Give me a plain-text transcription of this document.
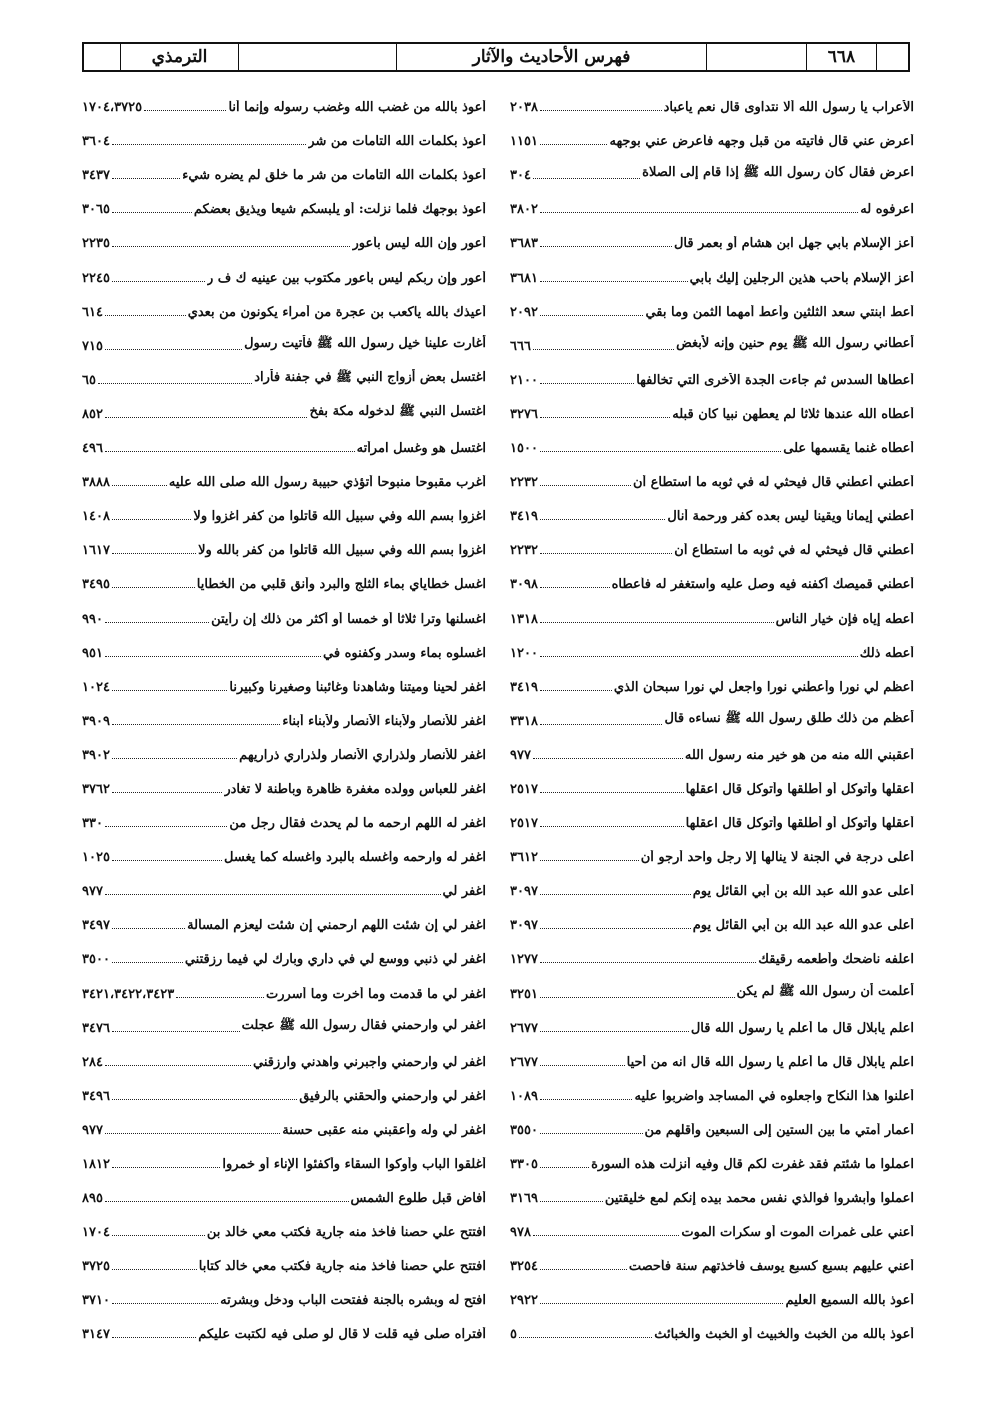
٦٦٨
فهرس الأحاديث والآثار
الترمذي
الأعراب يا رسول الله ألا نتداوى قال نعم ياعباد
٢٠٣٨
أعرض عني قال فأتيته من قبل وجهه فأعرض عني بوجهه
١١٥١
اعرض فقال كان رسول الله ﷺ إذا قام إلى الصلاة
٣٠٤
اعرفوه له
٣٨٠٢
أعز الإسلام بأبي جهل ابن هشام أو بعمر قال
٣٦٨٣
أعز الإسلام بأحب هذين الرجلين إليك بأبي
٣٦٨١
أعط ابنتي سعد الثلثين وأعط أمهما الثمن وما بقي
٢٠٩٢
أعطاني رسول الله ﷺ يوم حنين وإنه لأبغض
٦٦٦
أعطاها السدس ثم جاءت الجدة الأخرى التي تخالفها
٢١٠٠
أعطاه الله عندها ثلاثا لم يعطهن نبيا كان قبله
٣٢٧٦
أعطاه غنما يقسمها على
١٥٠٠
أعطني أعطني قال فيحثي له في ثوبه ما استطاع أن
٢٢٣٢
أعطني إيمانا ويقينا ليس بعده كفر ورحمة أنال
٣٤١٩
أعطني قال فيحثي له في ثوبه ما استطاع أن
٢٢٣٢
أعطني قميصك أكفنه فيه وصل عليه واستغفر له فأعطاه
٣٠٩٨
أعطه إياه فإن خيار الناس
١٣١٨
أعطه ذلك
١٢٠٠
أعظم لي نورا وأعطني نورا واجعل لي نورا سبحان الذي
٣٤١٩
أعظم من ذلك طلق رسول الله ﷺ نساءه قال
٣٣١٨
أعقبني الله منه من هو خير منه رسول الله
٩٧٧
أعقلها وأتوكل أو أطلقها وأتوكل قال اعقلها
٢٥١٧
أعقلها وأتوكل أو أطلقها وأتوكل قال اعقلها
٢٥١٧
أعلى درجة في الجنة لا ينالها إلا رجل واحد أرجو أن
٣٦١٢
أعلى عدو الله عبد الله بن أبي القائل يوم
٣٠٩٧
أعلى عدو الله عبد الله بن أبي القائل يوم
٣٠٩٧
اعلفه ناضحك وأطعمه رقيقك
١٢٧٧
أعلمت أن رسول الله ﷺ لم يكن
٣٢٥١
اعلم يابلال قال ما أعلم يا رسول الله قال
٢٦٧٧
اعلم يابلال قال ما أعلم يا رسول الله قال انه من أحيا
٢٦٧٧
أعلنوا هذا النكاح واجعلوه في المساجد واضربوا عليه
١٠٨٩
أعمار أمتي ما بين الستين إلى السبعين وأقلهم من
٣٥٥٠
اعملوا ما شئتم فقد غفرت لكم قال وفيه أنزلت هذه السورة
٣٣٠٥
اعملوا وأبشروا فوالذي نفس محمد بيده إنكم لمع خليقتين
٣١٦٩
أعني على غمرات الموت أو سكرات الموت
٩٧٨
أعني عليهم بسبع كسبع يوسف فأخذتهم سنة فأحصت
٣٢٥٤
أعوذ بالله السميع العليم
٢٩٢٢
أعوذ بالله من الخبث والخبيث أو الخبث والخبائث
٥
أعوذ بالله من غضب الله وغضب رسوله وإنما أنا
١٧٠٤،٣٧٢٥
أعوذ بكلمات الله التامات من شر
٣٦٠٤
أعوذ بكلمات الله التامات من شر ما خلق لم يضره شيء
٣٤٣٧
أعوذ بوجهك فلما نزلت: أو يلبسكم شيعا ويذيق بعضكم
٣٠٦٥
أعور وإن الله ليس بأعور
٢٢٣٥
أعور وإن ربكم ليس بأعور مكتوب بين عينيه ك ف ر
٢٢٤٥
أعيذك بالله ياكعب بن عجرة من أمراء يكونون من بعدي
٦١٤
أغارت علينا خيل رسول الله ﷺ فأتيت رسول
٧١٥
اغتسل بعض أزواج النبي ﷺ في جفنة فأراد
٦٥
اغتسل النبي ﷺ لدخوله مكة بفخ
٨٥٢
اغتسل هو وغسل امرأته
٤٩٦
أغرب مقبوحا منبوحا أتؤذي حبيبة رسول الله صلى الله عليه
٣٨٨٨
اغزوا بسم الله وفي سبيل الله قاتلوا من كفر اغزوا ولا
١٤٠٨
اغزوا بسم الله وفي سبيل الله قاتلوا من كفر بالله ولا
١٦١٧
اغسل خطاياي بماء الثلج والبرد وأنق قلبي من الخطايا
٣٤٩٥
اغسلنها وترا ثلاثا أو خمسا أو أكثر من ذلك إن رأيتن
٩٩٠
اغسلوه بماء وسدر وكفنوه في
٩٥١
اغفر لحينا وميتنا وشاهدنا وغائبنا وصغيرنا وكبيرنا
١٠٢٤
اغفر للأنصار ولأبناء الأنصار ولأبناء أبناء
٣٩٠٩
اغفر للأنصار ولذراري الأنصار ولذراري ذراريهم
٣٩٠٢
اغفر للعباس وولده مغفرة ظاهرة وباطنة لا تغادر
٣٧٦٢
اغفر له اللهم ارحمه ما لم يحدث فقال رجل من
٣٣٠
اغفر له وارحمه واغسله بالبرد واغسله كما يغسل
١٠٢٥
اغفر لي
٩٧٧
اغفر لي إن شئت اللهم ارحمني إن شئت ليعزم المسألة
٣٤٩٧
اغفر لي ذنبي ووسع لي في داري وبارك لي فيما رزقتني
٣٥٠٠
اغفر لي ما قدمت وما أخرت وما أسررت
٣٤٢١،٣٤٢٢،٣٤٢٣
اغفر لي وارحمني فقال رسول الله ﷺ عجلت
٣٤٧٦
اغفر لي وارحمني واجبرني واهدني وارزقني
٢٨٤
اغفر لي وارحمني وألحقني بالرفيق
٣٤٩٦
اغفر لي وله وأعقبني منه عقبى حسنة
٩٧٧
أغلقوا الباب وأوكوا السقاء وأكفئوا الإناء أو خمروا
١٨١٢
أفاض قبل طلوع الشمس
٨٩٥
افتتح علي حصنا فأخذ منه جارية فكتب معي خالد بن
١٧٠٤
افتتح علي حصنا فأخذ منه جارية فكتب معي خالد كتابا
٣٧٢٥
افتح له وبشره بالجنة ففتحت الباب ودخل وبشرته
٣٧١٠
أفتراه صلى فيه قلت لا قال لو صلى فيه لكتبت عليكم
٣١٤٧
